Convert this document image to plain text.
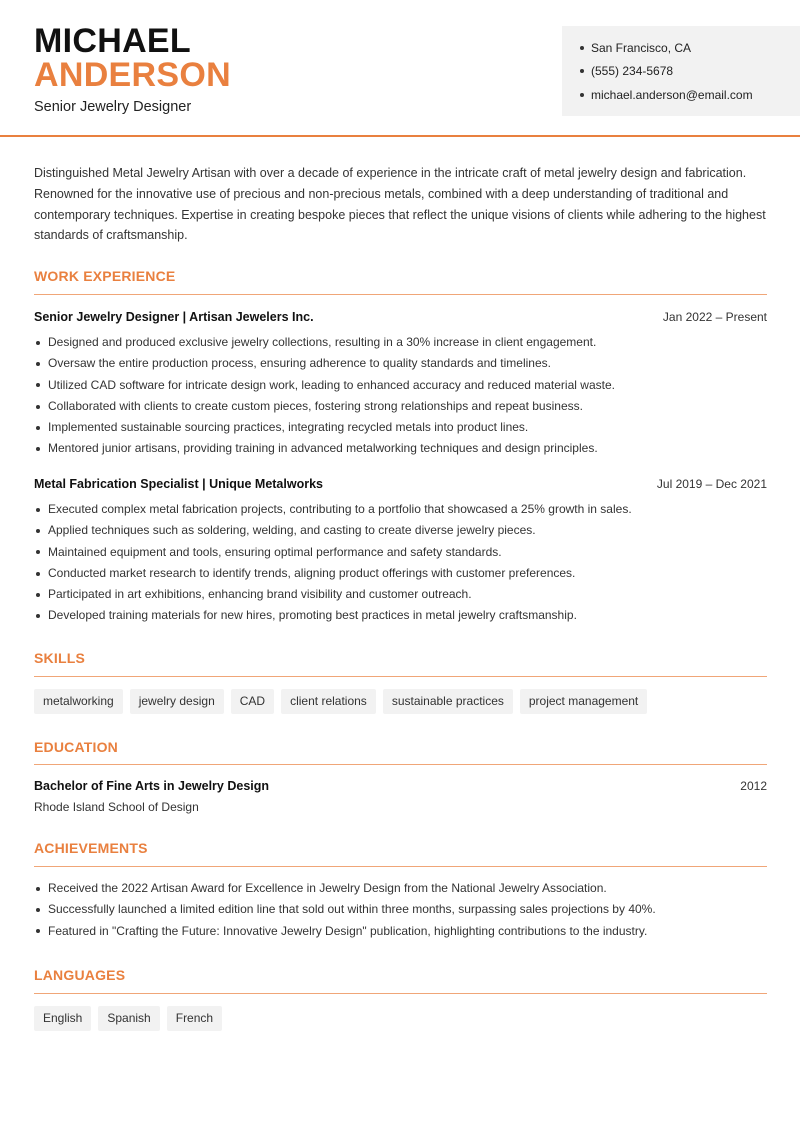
MICHAEL
ANDERSON
Senior Jewelry Designer
San Francisco, CA
(555) 234-5678
michael.anderson@email.com

Distinguished Metal Jewelry Artisan with over a decade of experience in the intricate craft of metal jewelry design and fabrication. Renowned for the innovative use of precious and non-precious metals, combined with a deep understanding of traditional and contemporary techniques. Expertise in creating bespoke pieces that reflect the unique visions of clients while adhering to the highest standards of craftsmanship.

WORK EXPERIENCE
Senior Jewelry Designer | Artisan Jewelers Inc.	Jan 2022 – Present
Designed and produced exclusive jewelry collections, resulting in a 30% increase in client engagement.
Oversaw the entire production process, ensuring adherence to quality standards and timelines.
Utilized CAD software for intricate design work, leading to enhanced accuracy and reduced material waste.
Collaborated with clients to create custom pieces, fostering strong relationships and repeat business.
Implemented sustainable sourcing practices, integrating recycled metals into product lines.
Mentored junior artisans, providing training in advanced metalworking techniques and design principles.
Metal Fabrication Specialist | Unique Metalworks	Jul 2019 – Dec 2021
Executed complex metal fabrication projects, contributing to a portfolio that showcased a 25% growth in sales.
Applied techniques such as soldering, welding, and casting to create diverse jewelry pieces.
Maintained equipment and tools, ensuring optimal performance and safety standards.
Conducted market research to identify trends, aligning product offerings with customer preferences.
Participated in art exhibitions, enhancing brand visibility and customer outreach.
Developed training materials for new hires, promoting best practices in metal jewelry craftsmanship.
SKILLS
metalworking	jewelry design	CAD	client relations	sustainable practices	project management
EDUCATION
Bachelor of Fine Arts in Jewelry Design	2012
Rhode Island School of Design
ACHIEVEMENTS
Received the 2022 Artisan Award for Excellence in Jewelry Design from the National Jewelry Association.
Successfully launched a limited edition line that sold out within three months, surpassing sales projections by 40%.
Featured in "Crafting the Future: Innovative Jewelry Design" publication, highlighting contributions to the industry.
LANGUAGES
English	Spanish	French
